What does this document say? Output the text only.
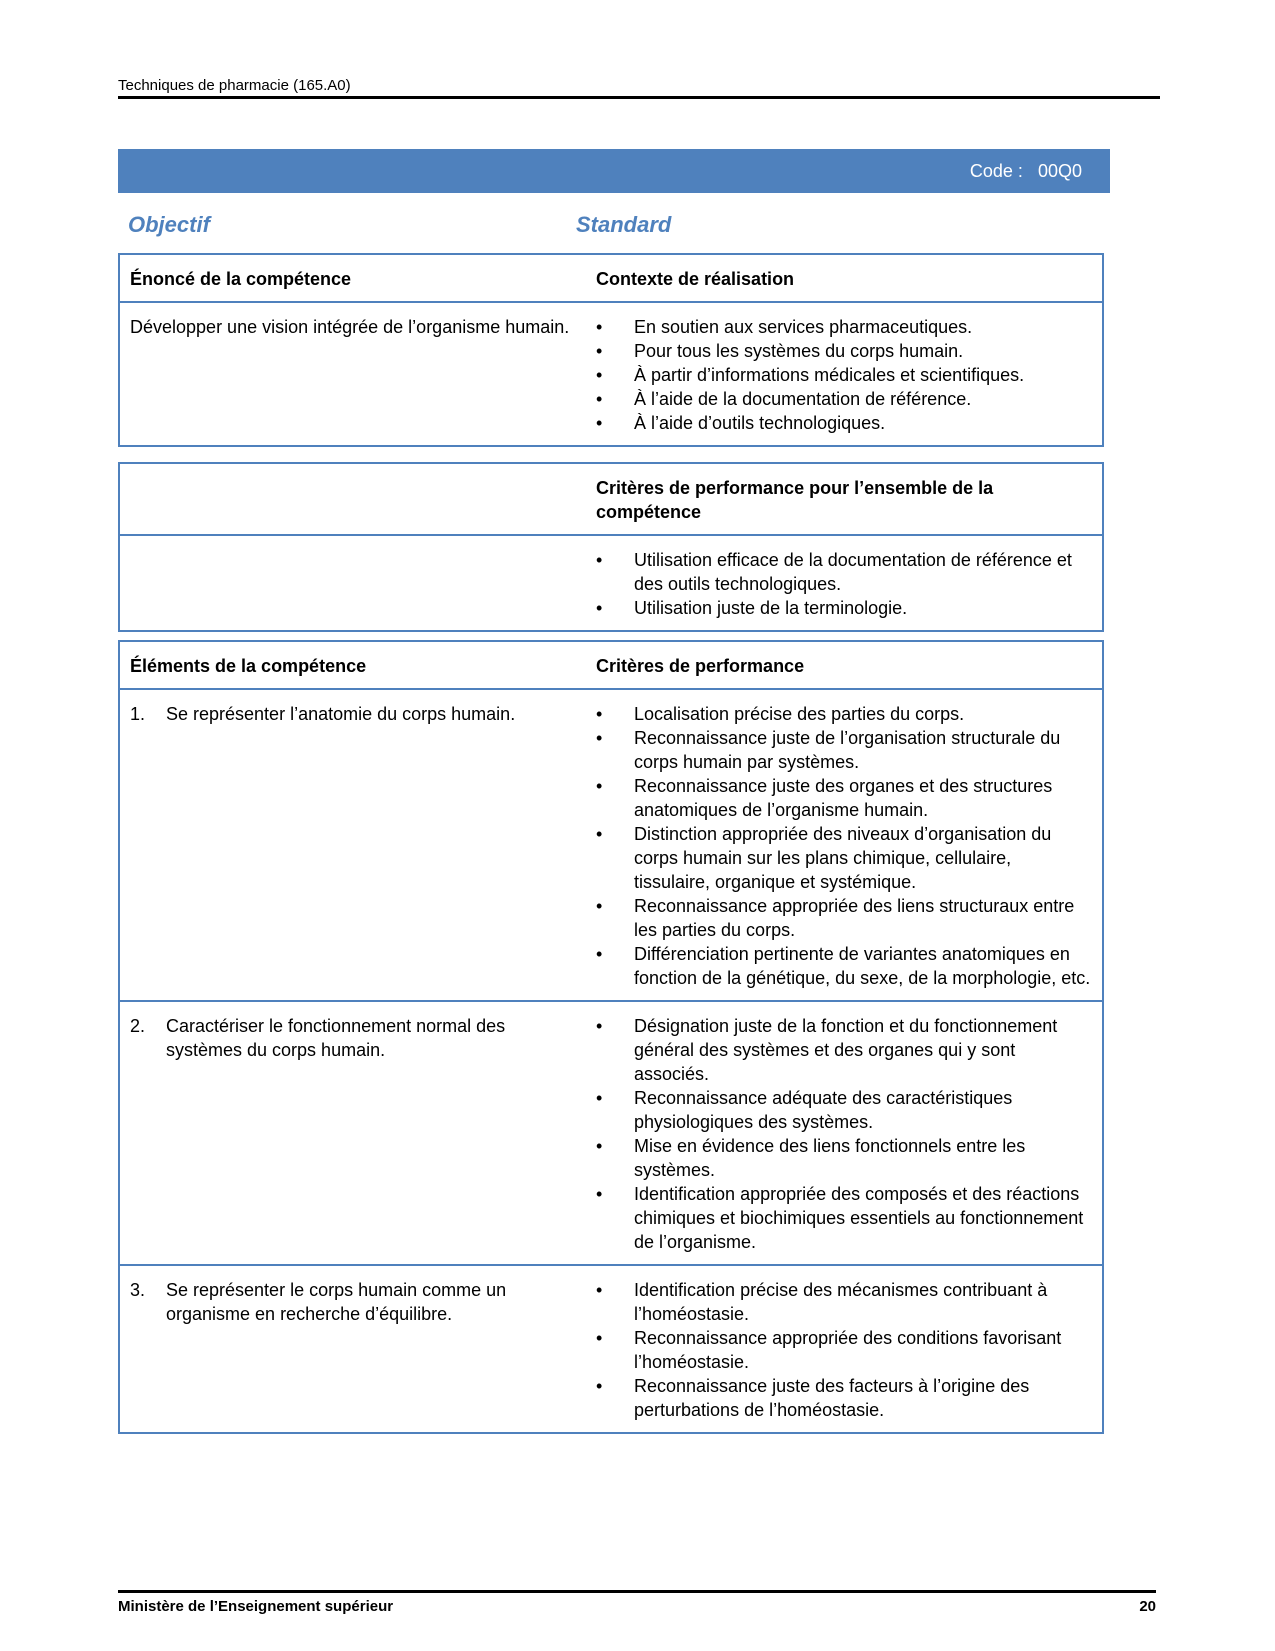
Techniques de pharmacie (165.A0)
Code : 00Q0
Objectif	Standard
Énoncé de la compétence	Contexte de réalisation
Développer une vision intégrée de l’organisme humain.	• En soutien aux services pharmaceutiques.
• Pour tous les systèmes du corps humain.
• À partir d’informations médicales et scientifiques.
• À l’aide de la documentation de référence.
• À l’aide d’outils technologiques.
Critères de performance pour l’ensemble de la compétence
• Utilisation efficace de la documentation de référence et des outils technologiques.
• Utilisation juste de la terminologie.
Éléments de la compétence	Critères de performance
1.	Se représenter l’anatomie du corps humain.	• Localisation précise des parties du corps.
• Reconnaissance juste de l’organisation structurale du corps humain par systèmes.
• Reconnaissance juste des organes et des structures anatomiques de l’organisme humain.
• Distinction appropriée des niveaux d’organisation du corps humain sur les plans chimique, cellulaire, tissulaire, organique et systémique.
• Reconnaissance appropriée des liens structuraux entre les parties du corps.
• Différenciation pertinente de variantes anatomiques en fonction de la génétique, du sexe, de la morphologie, etc.
2.	Caractériser le fonctionnement normal des systèmes du corps humain.
• Désignation juste de la fonction et du fonctionnement général des systèmes et des organes qui y sont associés.
• Reconnaissance adéquate des caractéristiques physiologiques des systèmes.
• Mise en évidence des liens fonctionnels entre les systèmes.
• Identification appropriée des composés et des réactions chimiques et biochimiques essentiels au fonctionnement de l’organisme.
3.	Se représenter le corps humain comme un organisme en recherche d’équilibre.
• Identification précise des mécanismes contribuant à l’homéostasie.
• Reconnaissance appropriée des conditions favorisant l’homéostasie.
• Reconnaissance juste des facteurs à l’origine des perturbations de l’homéostasie.
Ministère de l’Enseignement supérieur	20
